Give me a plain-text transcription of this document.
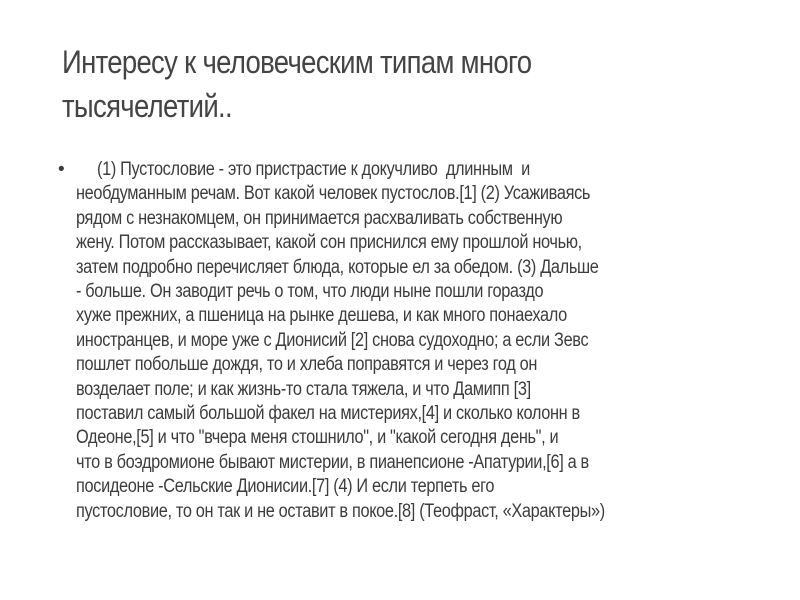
Интересу к человеческим типам много
тысячелетий..
• (1) Пустословие - это пристрастие к докучливо  длинным  и
необдуманным речам. Вот какой человек пустослов.[1] (2) Усаживаясь
рядом с незнакомцем, он принимается расхваливать собственную
жену. Потом рассказывает, какой сон приснился ему прошлой ночью,
затем подробно перечисляет блюда, которые ел за обедом. (3) Дальше
- больше. Он заводит речь о том, что люди ныне пошли гораздо
хуже прежних, а пшеница на рынке дешева, и как много понаехало
иностранцев, и море уже с Дионисий [2] снова судоходно; а если Зевс
пошлет побольше дождя, то и хлеба поправятся и через год он
возделает поле; и как жизнь-то стала тяжела, и что Дамипп [3]
поставил самый большой факел на мистериях,[4] и сколько колонн в
Одеоне,[5] и что "вчера меня стошнило", и "какой сегодня день", и
что в боэдромионе бывают мистерии, в пианепсионе -Апатурии,[6] а в
посидеоне -Сельские Дионисии.[7] (4) И если терпеть его
пустословие, то он так и не оставит в покое.[8] (Теофраст, «Характеры»)
